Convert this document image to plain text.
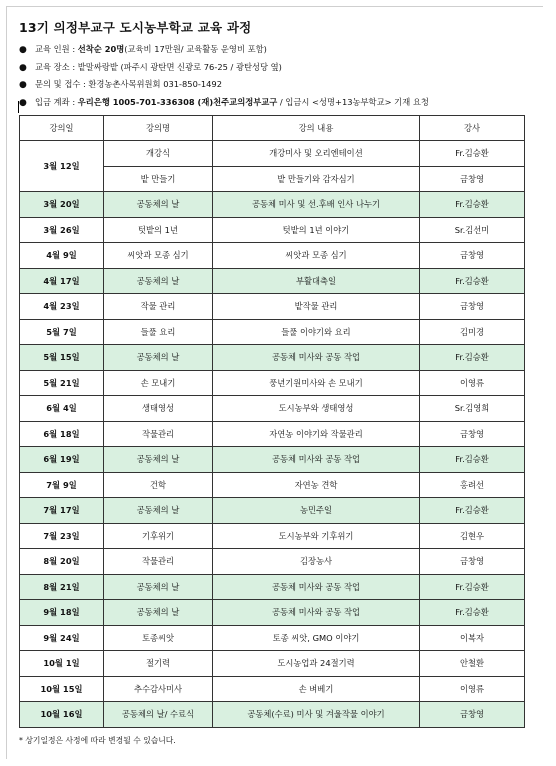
13기 의정부교구 도시농부학교 교육 과정
● 교육 인원 : 선착순 20명(교육비 17만원/ 교육활동 운영비 포함)
● 교육 장소 : 밭말싸랑밭 (파주시 광탄면 신광로 76-25 / 광탄성당 옆)
● 문의 및 접수 : 환경농촌사목위원회 031-850-1492
● 입금 계좌 : 우리은행 1005-701-336308 (재)천주교의정부교구 / 입금시 <성명+13농부학교> 기재 요청
강의일	강의명	강의 내용	강사
3월 12일	개강식	개강미사 및 오리엔테이션	Fr.김승환
	밭 만들기	밭 만들기와 감자심기	금창영
3월 20일	공동체의 날	공동체 미사 및 선.후배 인사 나누기	Fr.김승환
3월 26일	텃밭의 1년	텃밭의 1년 이야기	Sr.김선미
4월 9일	씨앗과 모종 심기	씨앗과 모종 심기	금창영
4월 17일	공동체의 날	부활대축일	Fr.김승환
4월 23일	작물 관리	밭작물 관리	금창영
5월 7일	들풀 요리	들풀 이야기와 요리	김미경
5월 15일	공동체의 날	공동체 미사와 공동 작업	Fr.김승환
5월 21일	손 모내기	풍년기원미사와 손 모내기	이영류
6월 4일	생태영성	도시농부와 생태영성	Sr.김영희
6월 18일	작물관리	자연농 이야기와 작물관리	금창영
6월 19일	공동체의 날	공동체 미사와 공동 작업	Fr.김승환
7월 9일	건학	자연농 견학	홍려선
7월 17일	공동체의 날	농민주일	Fr.김승환
7월 23일	기후위기	도시농부와 기후위기	김현우
8월 20일	작물관리	김장농사	금창영
8월 21일	공동체의 날	공동체 미사와 공동 작업	Fr.김승환
9월 18일	공동체의 날	공동체 미사와 공동 작업	Fr.김승환
9월 24일	토종씨앗	토종 씨앗, GMO 이야기	이복자
10월 1일	절기력	도시농업과 24절기력	안철환
10월 15일	추수감사미사	손 벼베기	이영류
10월 16일	공동체의 날/ 수료식	공동체(수료) 미사 및 겨울작물 이야기	금창영
* 상기일정은 사정에 따라 변경될 수 있습니다.
